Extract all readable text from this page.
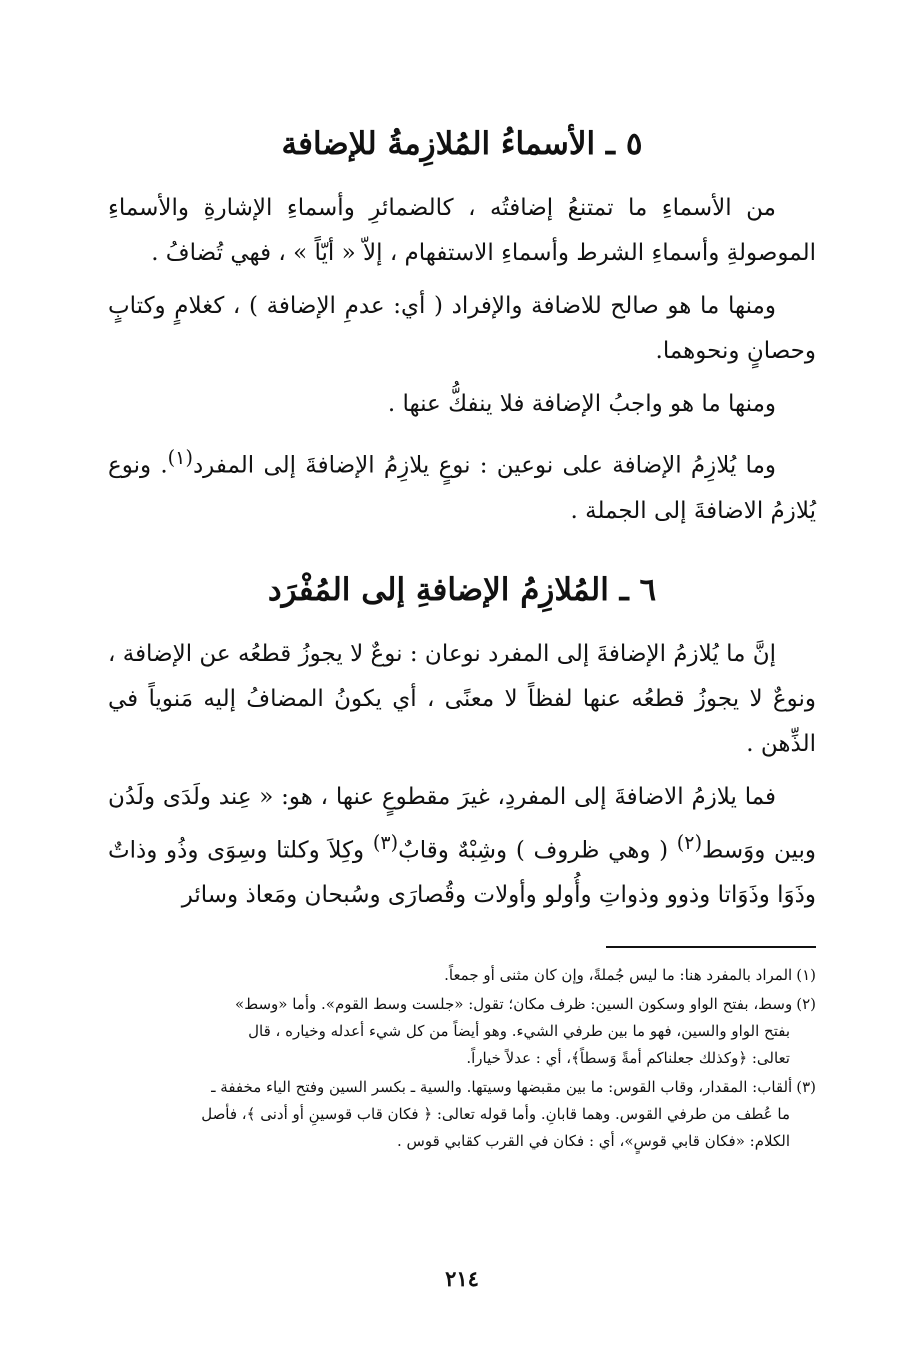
٥ ـ الأسماءُ المُلازِمةُ للإضافة

من الأسماءِ ما تمتنعُ إضافتُه ، كالضمائرِ وأسماءِ الإشارةِ والأسماءِ الموصولةِ وأسماءِ الشرط وأسماءِ الاستفهام ، إلاّ « أيّاً » ، فهي تُضافُ .

ومنها ما هو صالح للاضافة والإفراد ( أي: عدمِ الإضافة ) ، كغلامٍ وكتابٍ وحصانٍ ونحوهما.

ومنها ما هو واجبُ الإضافة فلا ينفكُّ عنها .

وما يُلازِمُ الإضافة على نوعين : نوعٍ يلازِمُ الإضافةَ إلى المفرد$^{(١)}$. ونوع يُلازمُ الاضافةَ إلى الجملة .

٦ ـ المُلازِمُ الإضافةِ إلى المُفْرَد

إنَّ ما يُلازمُ الإضافةَ إلى المفرد نوعان : نوعٌ لا يجوزُ قطعُه عن الإضافة ، ونوعٌ لا يجوزُ قطعُه عنها لفظاً لا معنًى ، أي يكونُ المضافُ إليه مَنوياً في الذِّهن .

فما يلازمُ الاضافةَ إلى المفردِ، غيرَ مقطوعٍ عنها ، هو: « عِند ولَدَى ولَدُن وبين ووَسط$^{(٢)}$ ( وهي ظروف ) وشِبْهٌ وقابٌ$^{(٣)}$ وكِلاَ وكلتا وسِوَى وذُو وذاتٌ وذَوَا وذَوَاتا وذوو وذواتِ وأُولو وأولات وقُصارَى وسُبحان ومَعاذ وسائر

(١)المراد بالمفرد هنا: ما ليس جُملةً، وإن كان مثنى أو جمعاً.
(٢)وسط، بفتح الواو وسكون السين: ظرف مكان؛ تقول: «جلست وسط القوم». وأما «وسط»
بفتح الواو والسين، فهو ما بين طرفي الشيء. وهو أيضاً من كل شيء أعدله وخياره ، قال
تعالى: ﴿وكذلك جعلناكم أمةً وَسطاً﴾، أي : عدلاً خياراً.
(٣)ألقاب: المقدار، وقاب القوس: ما بين مقبضها وسيتها. والسية ـ بكسر السين وفتح الياء مخففة ـ
ما عُطف من طرفي القوس. وهما قابانِ. وأما قوله تعالى: ﴿ فكان قاب قوسينِ أو أدنى ﴾، فأصل
الكلام: «فكان قابي قوسٍ»، أي : فكان في القرب كقابي قوس .
٢١٤
